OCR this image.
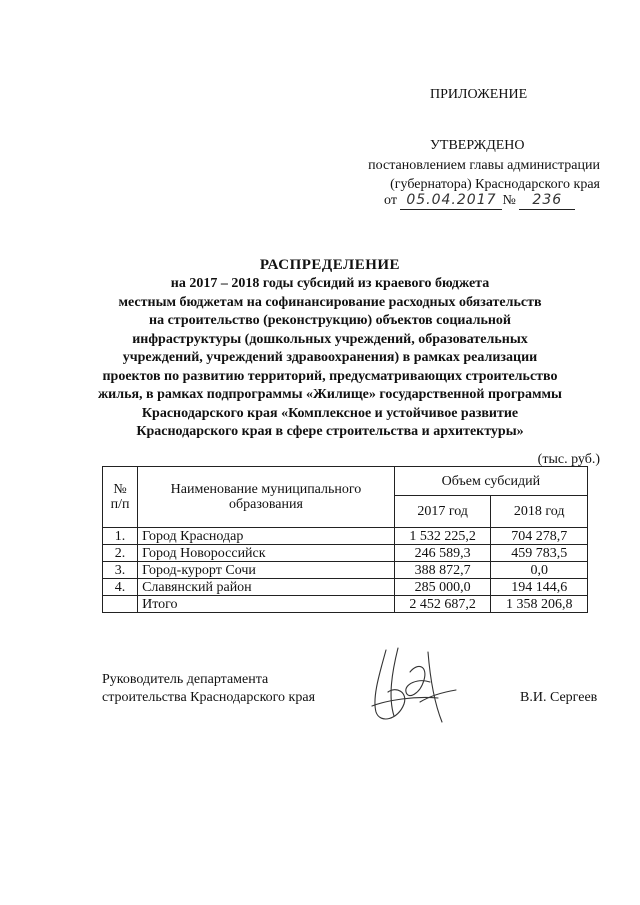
ПРИЛОЖЕНИЕ
УТВЕРЖДЕНО
постановлением главы администрации
(губернатора) Краснодарского края
от 05.04.2017 № 236
РАСПРЕДЕЛЕНИЕ
на 2017 – 2018 годы субсидий из краевого бюджета
местным бюджетам на софинансирование расходных обязательств
на строительство (реконструкцию) объектов социальной
инфраструктуры (дошкольных учреждений, образовательных
учреждений, учреждений здравоохранения) в рамках реализации
проектов по развитию территорий, предусматривающих строительство
жилья, в рамках подпрограммы «Жилище» государственной программы
Краснодарского края «Комплексное и устойчивое развитие
Краснодарского края в сфере строительства и архитектуры»
(тыс. руб.)
№ п/п	Наименование муниципального образования	Объем субсидий	
		2017 год	2018 год
1.	Город Краснодар	1 532 225,2	704 278,7
2.	Город Новороссийск	246 589,3	459 783,5
3.	Город-курорт Сочи	388 872,7	0,0
4.	Славянский район	285 000,0	194 144,6
	Итого	2 452 687,2	1 358 206,8
Руководитель департамента
строительства Краснодарского края	В.И. Сергеев
